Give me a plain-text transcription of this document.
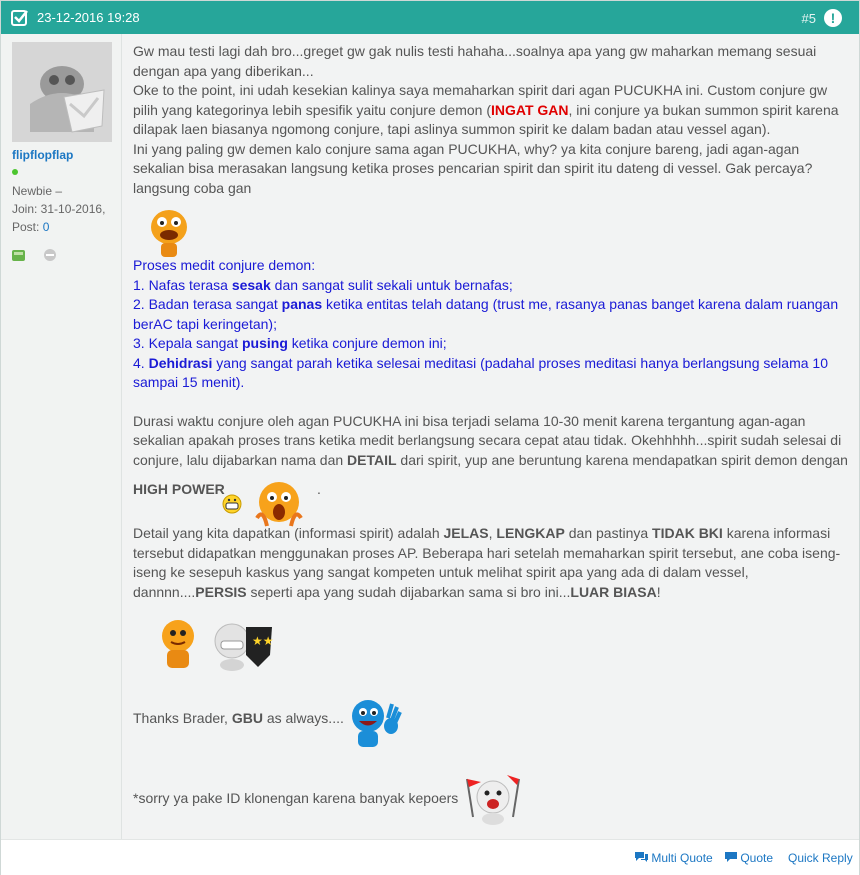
23-12-2016 19:28	#5	!
flipflopflap
Newbie –
Join: 31-10-2016,
Post: 0

Gw mau testi lagi dah bro...greget gw gak nulis testi hahaha...soalnya apa yang gw maharkan memang sesuai dengan apa yang diberikan...

Oke to the point, ini udah kesekian kalinya saya memaharkan spirit dari agan PUCUKHA ini. Custom conjure gw pilih yang kategorinya lebih spesifik yaitu conjure demon (INGAT GAN, ini conjure ya bukan summon spirit karena dilapak laen biasanya ngomong conjure, tapi aslinya summon spirit ke dalam badan atau vessel agan).

Ini yang paling gw demen kalo conjure sama agan PUCUKHA, why? ya kita conjure bareng, jadi agan-agan sekalian bisa merasakan langsung ketika proses pencarian spirit dan spirit itu dateng di vessel. Gak percaya? langsung coba gan

Proses medit conjure demon:

1. Nafas terasa sesak dan sangat sulit sekali untuk bernafas;

2. Badan terasa sangat panas ketika entitas telah datang (trust me, rasanya panas banget karena dalam ruangan berAC tapi keringetan);

3. Kepala sangat pusing ketika conjure demon ini;

4. Dehidrasi yang sangat parah ketika selesai meditasi (padahal proses meditasi hanya berlangsung selama 10 sampai 15 menit).

Durasi waktu conjure oleh agan PUCUKHA ini bisa terjadi selama 10-30 menit karena tergantung agan-agan sekalian apakah proses trans ketika medit berlangsung secara cepat atau tidak. Okehhhhh...spirit sudah selesai di conjure, lalu dijabarkan nama dan DETAIL dari spirit, yup ane beruntung karena mendapatkan spirit demon dengan

HIGH POWER	.

Detail yang kita dapatkan (informasi spirit) adalah JELAS, LENGKAP dan pastinya TIDAK BKI karena informasi tersebut didapatkan menggunakan proses AP. Beberapa hari setelah memaharkan spirit tersebut, ane coba iseng-iseng ke sesepuh kaskus yang sangat kompeten untuk melihat spirit apa yang ada di dalam vessel, dannnn....PERSIS seperti apa yang sudah dijabarkan sama si bro ini...LUAR BIASA!

★★
Thanks Brader, GBU as always....
*sorry ya pake ID klonengan karena banyak kepoers
Multi Quote	Quote Quick Reply
